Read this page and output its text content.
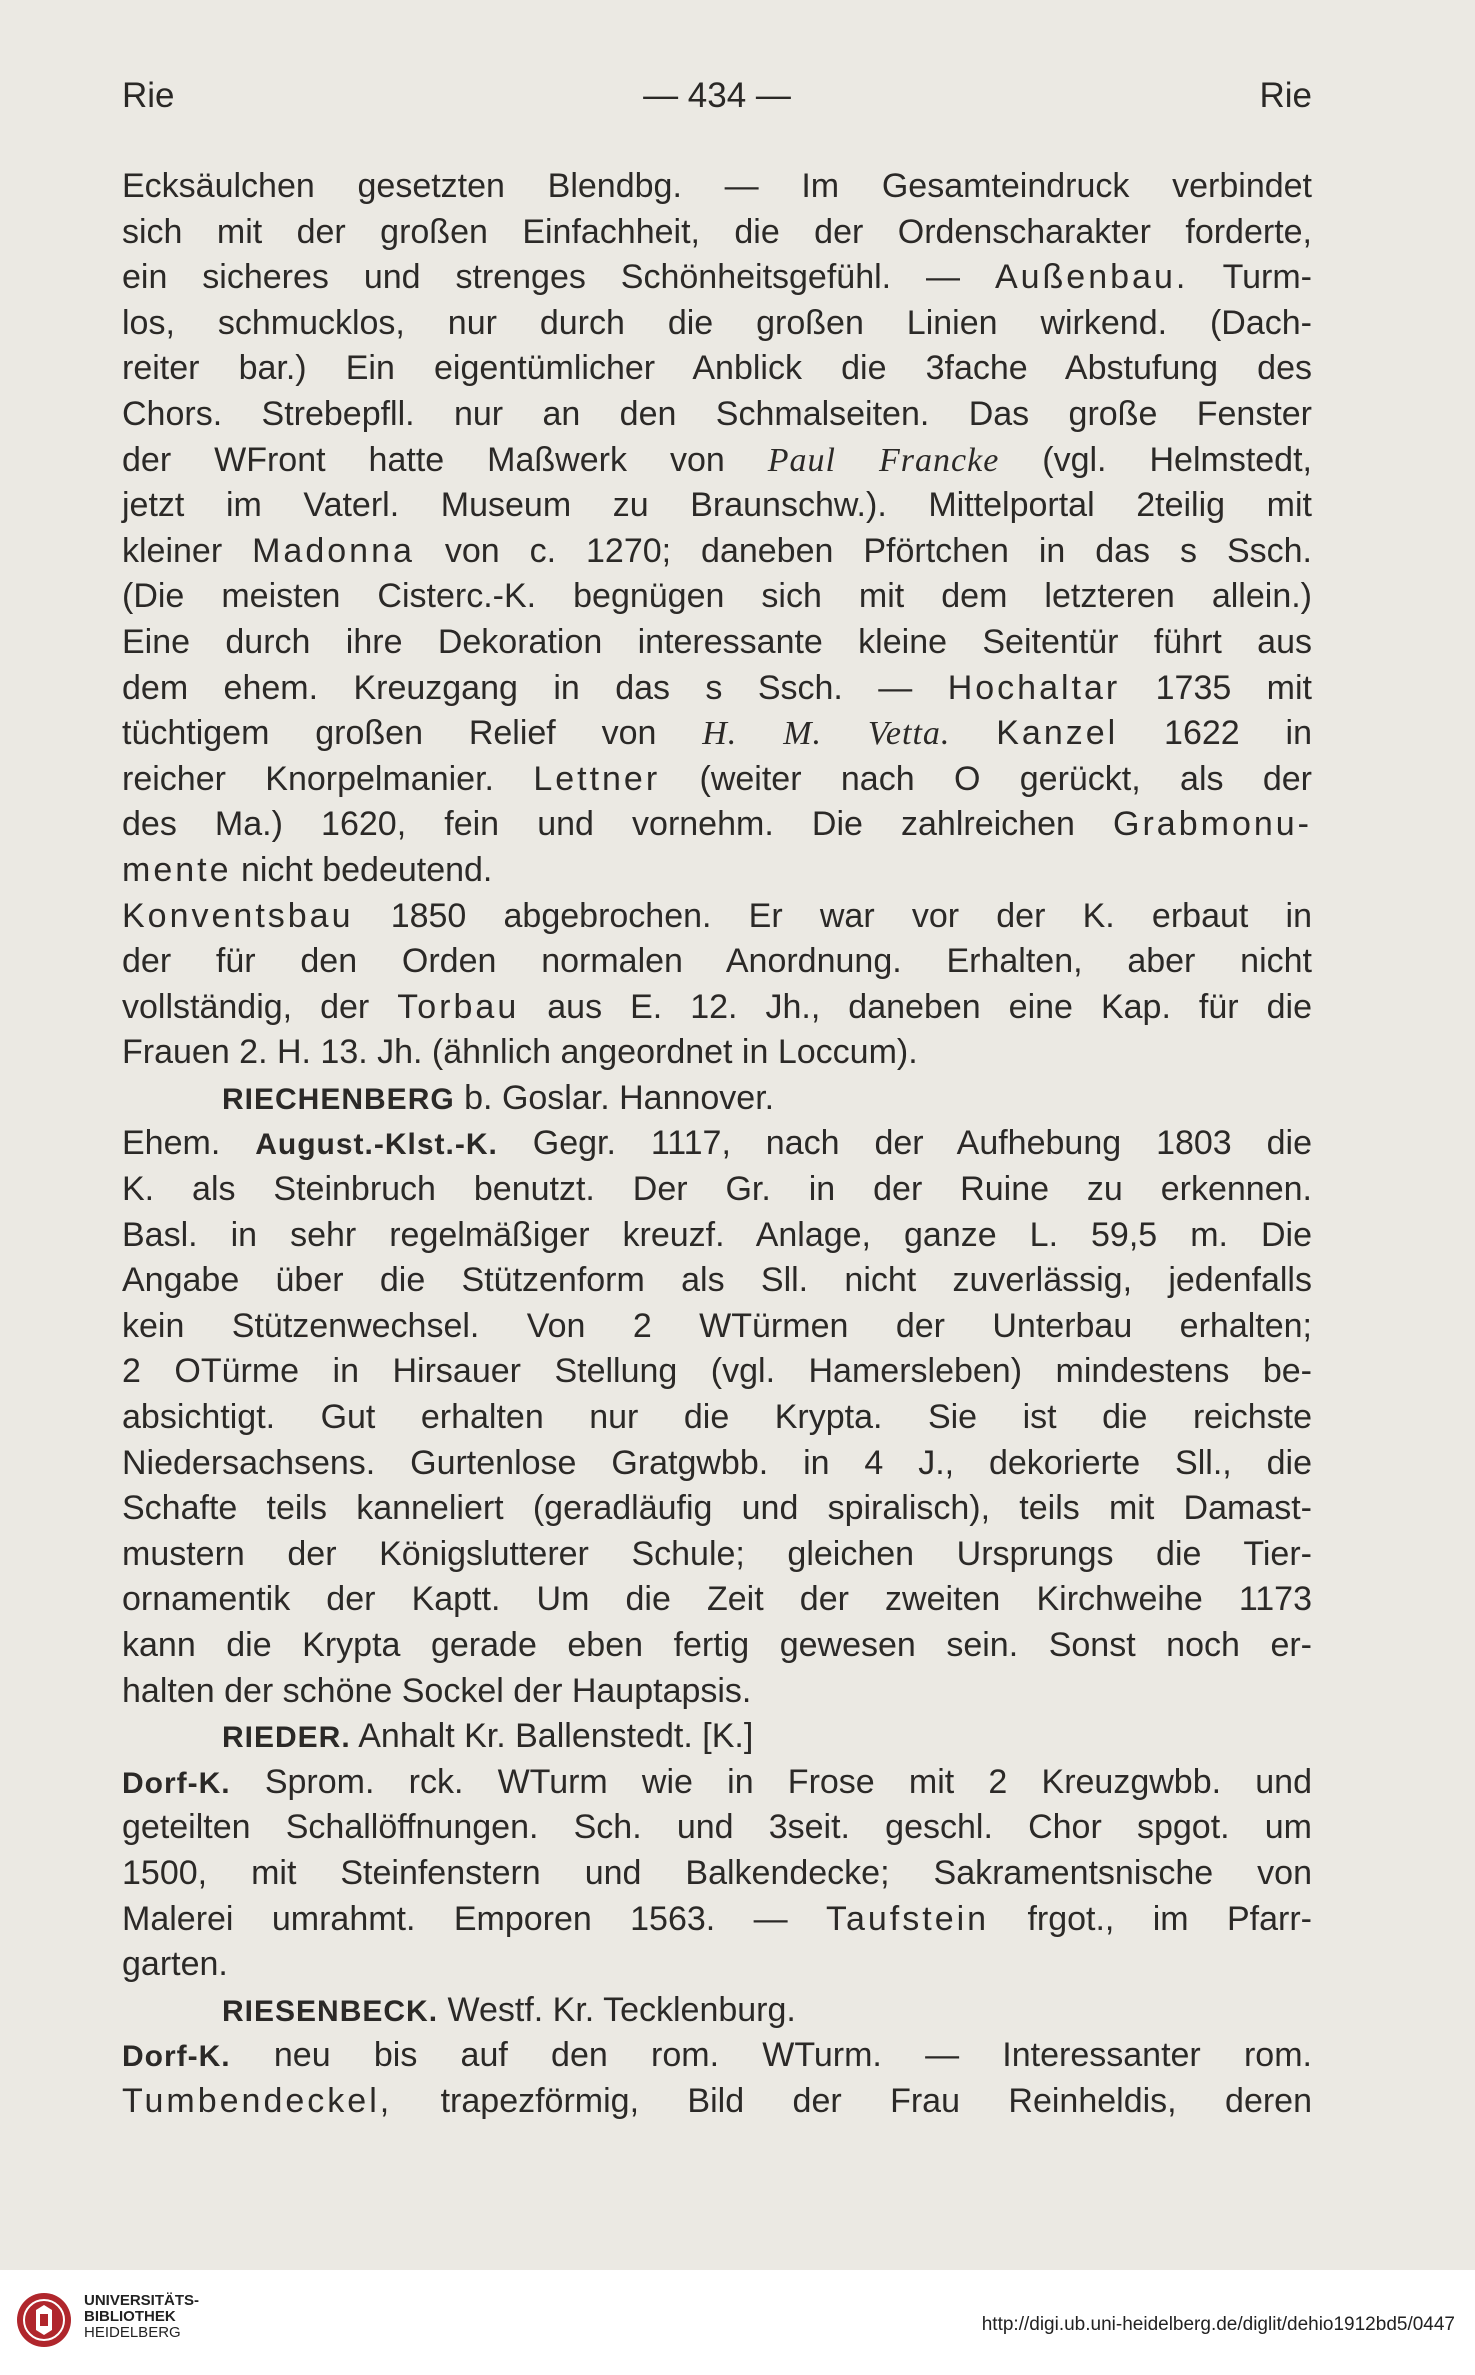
Rie	— 434 —	Rie
Ecksäulchen gesetzten Blendbg. — Im Gesamteindruck verbindet
sich mit der großen Einfachheit, die der Ordenscharakter forderte,
ein sicheres und strenges Schönheitsgefühl. — Außenbau. Turm-
los, schmucklos, nur durch die großen Linien wirkend. (Dach-
reiter bar.) Ein eigentümlicher Anblick die 3fache Abstufung des
Chors. Strebepfll. nur an den Schmalseiten. Das große Fenster
der WFront hatte Maßwerk von Paul Francke (vgl. Helmstedt,
jetzt im Vaterl. Museum zu Braunschw.). Mittelportal 2teilig mit
kleiner Madonna von c. 1270; daneben Pförtchen in das s Ssch.
(Die meisten Cisterc.-K. begnügen sich mit dem letzteren allein.)
Eine durch ihre Dekoration interessante kleine Seitentür führt aus
dem ehem. Kreuzgang in das s Ssch. — Hochaltar 1735 mit
tüchtigem großen Relief von H. M. Vetta. Kanzel 1622 in
reicher Knorpelmanier. Lettner (weiter nach O gerückt, als der
des Ma.) 1620, fein und vornehm. Die zahlreichen Grabmonu-
mente nicht bedeutend.
Konventsbau 1850 abgebrochen. Er war vor der K. erbaut in
der für den Orden normalen Anordnung. Erhalten, aber nicht
vollständig, der Torbau aus E. 12. Jh., daneben eine Kap. für die
Frauen 2. H. 13. Jh. (ähnlich angeordnet in Loccum).
RIECHENBERG b. Goslar. Hannover.
Ehem. August.-Klst.-K. Gegr. 1117, nach der Aufhebung 1803 die
K. als Steinbruch benutzt. Der Gr. in der Ruine zu erkennen.
Basl. in sehr regelmäßiger kreuzf. Anlage, ganze L. 59,5 m. Die
Angabe über die Stützenform als Sll. nicht zuverlässig, jedenfalls
kein Stützenwechsel. Von 2 WTürmen der Unterbau erhalten;
2 OTürme in Hirsauer Stellung (vgl. Hamersleben) mindestens be-
absichtigt. Gut erhalten nur die Krypta. Sie ist die reichste
Niedersachsens. Gurtenlose Gratgwbb. in 4 J., dekorierte Sll., die
Schafte teils kanneliert (geradläufig und spiralisch), teils mit Damast-
mustern der Königslutterer Schule; gleichen Ursprungs die Tier-
ornamentik der Kaptt. Um die Zeit der zweiten Kirchweihe 1173
kann die Krypta gerade eben fertig gewesen sein. Sonst noch er-
halten der schöne Sockel der Hauptapsis.
RIEDER. Anhalt Kr. Ballenstedt. [K.]
Dorf-K. Sprom. rck. WTurm wie in Frose mit 2 Kreuzgwbb. und
geteilten Schallöffnungen. Sch. und 3seit. geschl. Chor spgot. um
1500, mit Steinfenstern und Balkendecke; Sakramentsnische von
Malerei umrahmt. Emporen 1563. — Taufstein frgot., im Pfarr-
garten.
RIESENBECK. Westf. Kr. Tecklenburg.
Dorf-K. neu bis auf den rom. WTurm. — Interessanter rom.
Tumbendeckel, trapezförmig, Bild der Frau Reinheldis, deren
UNIVERSITÄTS-
BIBLIOTHEK
HEIDELBERG	http://digi.ub.uni-heidelberg.de/diglit/dehio1912bd5/0447
